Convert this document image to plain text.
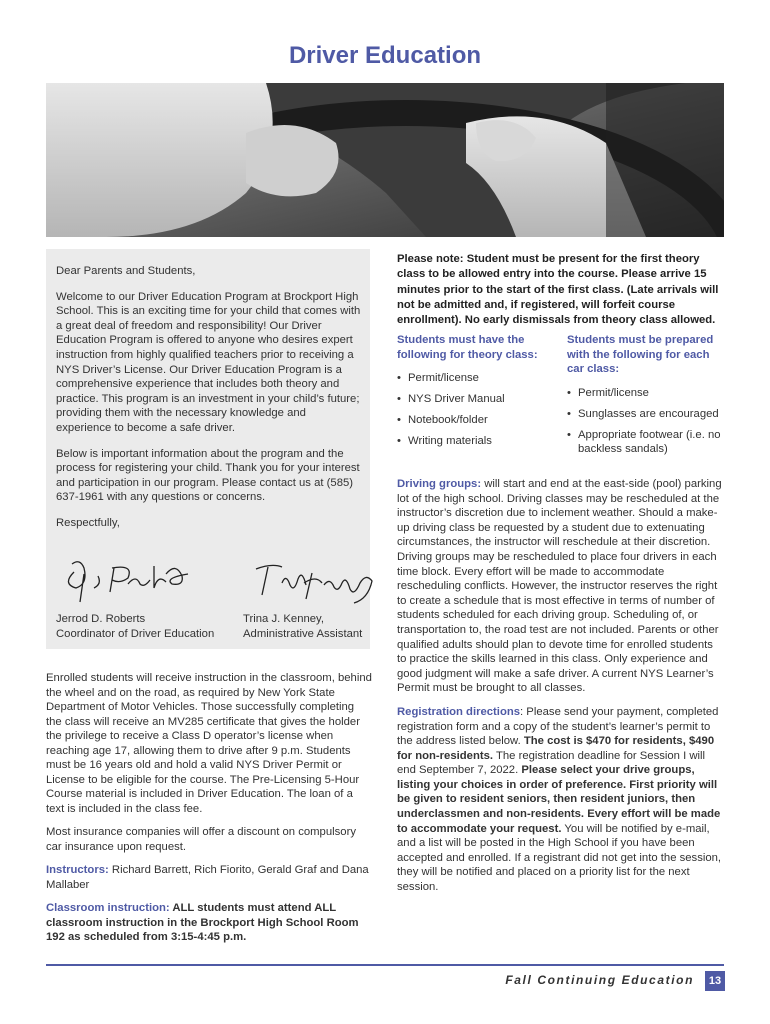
Driver Education

Dear Parents and Students,

Welcome to our Driver Education Program at Brockport High School. This is an exciting time for your child that comes with a great deal of freedom and responsibility! Our Driver Education Program is offered to anyone who desires expert instruction from highly qualified teachers prior to receiving a NYS Driver’s License. Our Driver Education Program is a comprehensive experience that includes both theory and practice. This program is an investment in your child’s future; providing them with the necessary knowledge and experience to become a safe driver.

Below is important information about the program and the process for registering your child. Thank you for your interest and participation in our program. Please contact us at (585) 637-1961 with any questions or concerns.

Respectfully,

Jerrod D. Roberts
Coordinator of Driver Education
Trina J. Kenney,
Administrative Assistant

Enrolled students will receive instruction in the classroom, behind the wheel and on the road, as required by New York State Department of Motor Vehicles. Those successfully completing the class will receive an MV285 certificate that gives the holder the privilege to receive a Class D operator’s license when reaching age 17, allowing them to drive after 9 p.m. Students must be 16 years old and hold a valid NYS Driver Permit or License to be eligible for the course. The Pre-Licensing 5-Hour Course material is included in Driver Education. The loan of a text is included in the class fee.

Most insurance companies will offer a discount on compulsory car insurance upon request.

Instructors: Richard Barrett, Rich Fiorito, Gerald Graf and Dana Mallaber

Classroom instruction: ALL students must attend ALL classroom instruction in the Brockport High School Room 192 as scheduled from 3:15-4:45 p.m.

Please note: Student must be present for the first theory class to be allowed entry into the course. Please arrive 15 minutes prior to the start of the first class. (Late arrivals will not be admitted and, if registered, will forfeit course enrollment). No early dismissals from theory class allowed.
Students must have the following for theory class:
• Permit/license
• NYS Driver Manual
• Notebook/folder
• Writing materials
Students must be prepared with the following for each car class:
• Permit/license
• Sunglasses are encouraged
• Appropriate footwear (i.e. no backless sandals)

Driving groups: will start and end at the east-side (pool) parking lot of the high school. Driving classes may be rescheduled at the instructor’s discretion due to inclement weather. Should a make-up driving class be requested by a student due to extenuating circumstances, the instructor will reschedule at their discretion. Driving groups may be rescheduled to place four drivers in each time block. Every effort will be made to accommodate rescheduling conflicts. However, the instructor reserves the right to create a schedule that is most effective in terms of number of students scheduled for each driving group. Scheduling of, or transportation to, the road test are not included. Parents or other qualified adults should plan to devote time for enrolled students to practice the skills learned in this class. Only experience and good judgment will make a safe driver. A current NYS Learner’s Permit must be brought to all classes.

Registration directions: Please send your payment, completed registration form and a copy of the student’s learner’s permit to the address listed below. The cost is $470 for residents, $490 for non-residents. The registration deadline for Session I will end September 7, 2022. Please select your drive groups, listing your choices in order of preference. First priority will be given to resident seniors, then resident juniors, then underclassmen and non-residents. Every effort will be made to accommodate your request. You will be notified by e-mail, and a list will be posted in the High School if you have been accepted and enrolled. If a registrant did not get into the session, they will be notified and placed on a priority list for the next session.

Fall Continuing Education	13
